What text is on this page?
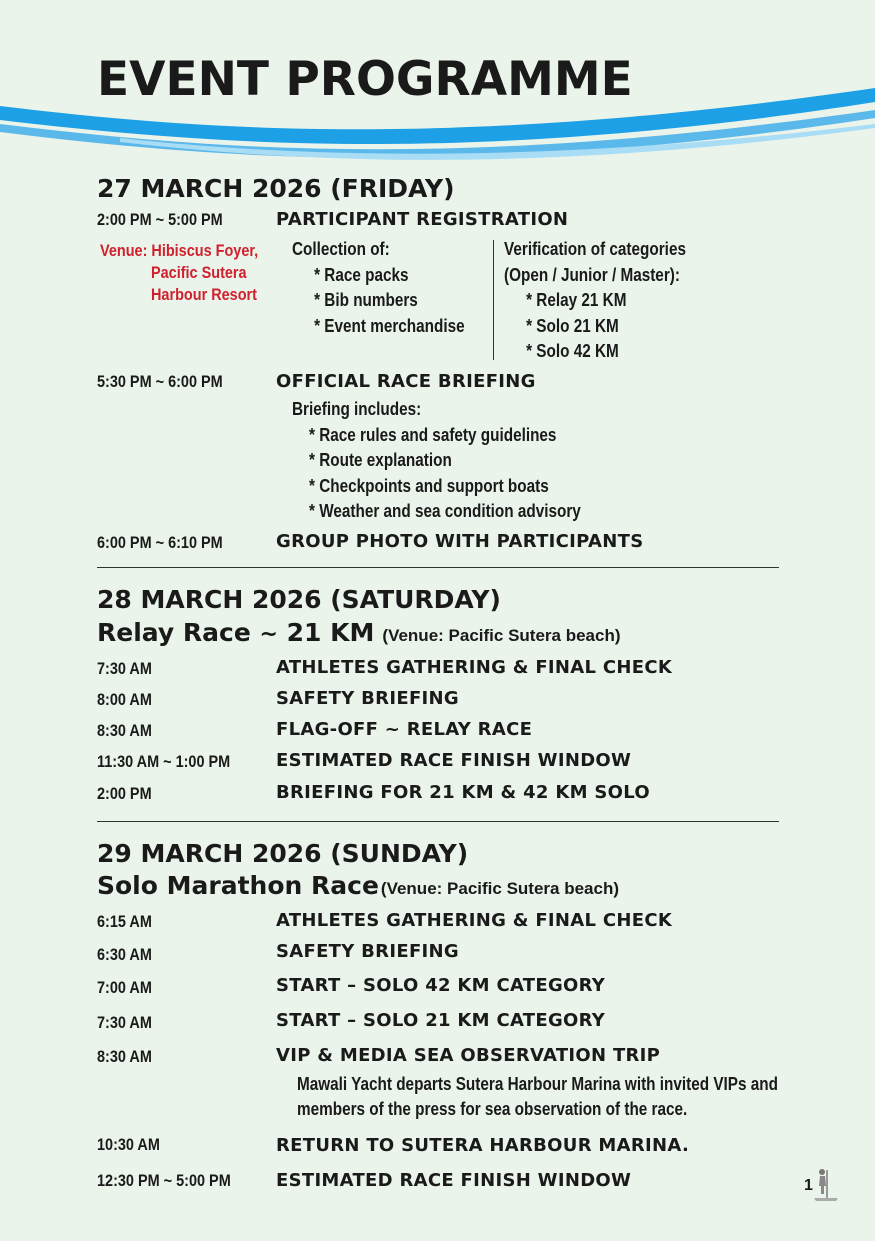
EVENT PROGRAMME
27 MARCH 2026 (FRIDAY)
2:00 PM ~ 5:00 PM	PARTICIPANT REGISTRATION
Venue: Hibiscus Foyer,
Pacific Sutera
Harbour Resort
Collection of:
* Race packs
* Bib numbers
* Event merchandise
Verification of categories
(Open / Junior / Master):
* Relay 21 KM
* Solo 21 KM
* Solo 42 KM
5:30 PM ~ 6:00 PM	OFFICIAL RACE BRIEFING
Briefing includes:
* Race rules and safety guidelines
* Route explanation
* Checkpoints and support boats
* Weather and sea condition advisory
6:00 PM ~ 6:10 PM	GROUP PHOTO WITH PARTICIPANTS
28 MARCH 2026 (SATURDAY)
Relay Race ~ 21 KM (Venue: Pacific Sutera beach)
7:30 AM	ATHLETES GATHERING & FINAL CHECK
8:00 AM	SAFETY BRIEFING
8:30 AM	FLAG-OFF ~ RELAY RACE
11:30 AM ~ 1:00 PM	ESTIMATED RACE FINISH WINDOW
2:00 PM	BRIEFING FOR 21 KM & 42 KM SOLO
29 MARCH 2026 (SUNDAY)
Solo Marathon Race (Venue: Pacific Sutera beach)
6:15 AM	ATHLETES GATHERING & FINAL CHECK
6:30 AM	SAFETY BRIEFING
7:00 AM	START – SOLO 42 KM CATEGORY
7:30 AM	START – SOLO 21 KM CATEGORY
8:30 AM	VIP & MEDIA SEA OBSERVATION TRIP
Mawali Yacht departs Sutera Harbour Marina with invited VIPs and
members of the press for sea observation of the race.
10:30 AM	RETURN TO SUTERA HARBOUR MARINA.
12:30 PM ~ 5:00 PM	ESTIMATED RACE FINISH WINDOW	1
